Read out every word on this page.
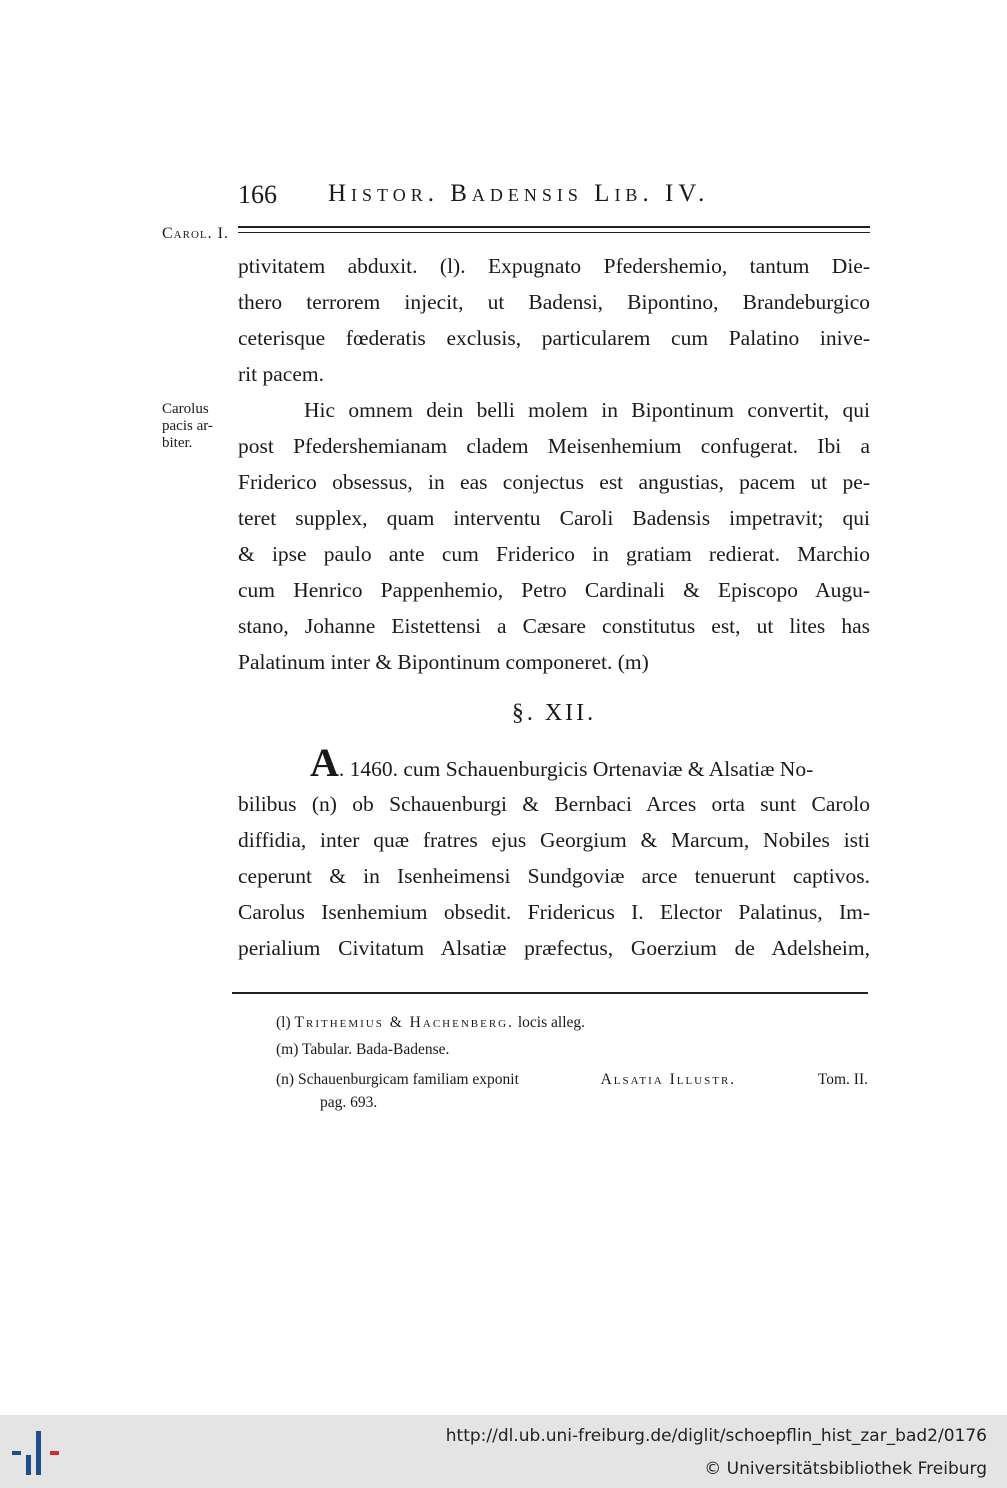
166 Histor. Badensis Lib. IV.
Carol. I.
Carolus pacis ar- biter.
ptivitatem abduxit. (l). Expugnato Pfedershemio, tantum Die-
thero terrorem injecit, ut Badensi, Bipontino, Brandeburgico
ceterisque fœderatis exclusis, particularem cum Palatino inive-
rit pacem.
Hic omnem dein belli molem in Bipontinum convertit, qui
post Pfedershemianam cladem Meisenhemium confugerat. Ibi a
Friderico obsessus, in eas conjectus est angustias, pacem ut pe-
teret supplex, quam interventu Caroli Badensis impetravit; qui
& ipse paulo ante cum Friderico in gratiam redierat. Marchio
cum Henrico Pappenhemio, Petro Cardinali & Episcopo Augu-
stano, Johanne Eistettensi a Cæsare constitutus est, ut lites has
Palatinum inter & Bipontinum componeret. (m)
§. XII.
A. 1460. cum Schauenburgicis Ortenaviæ & Alsatiæ No-
bilibus (n) ob Schauenburgi & Bernbaci Arces orta sunt Carolo
diffidia, inter quæ fratres ejus Georgium & Marcum, Nobiles isti
ceperunt & in Isenheimensi Sundgoviæ arce tenuerunt captivos.
Carolus Isenhemium obsedit. Fridericus I. Elector Palatinus, Im-
perialium Civitatum Alsatiæ præfectus, Goerzium de Adelsheim,
(l) Trithemius & Hachenberg. locis alleg.
(m) Tabular. Bada-Badense.
(n) Schauenburgicam familiam exponit	Alsatia Illustr.	Tom. II.
pag. 693.
http://dl.ub.uni-freiburg.de/diglit/schoepflin_hist_zar_bad2/0176
© Universitätsbibliothek Freiburg
